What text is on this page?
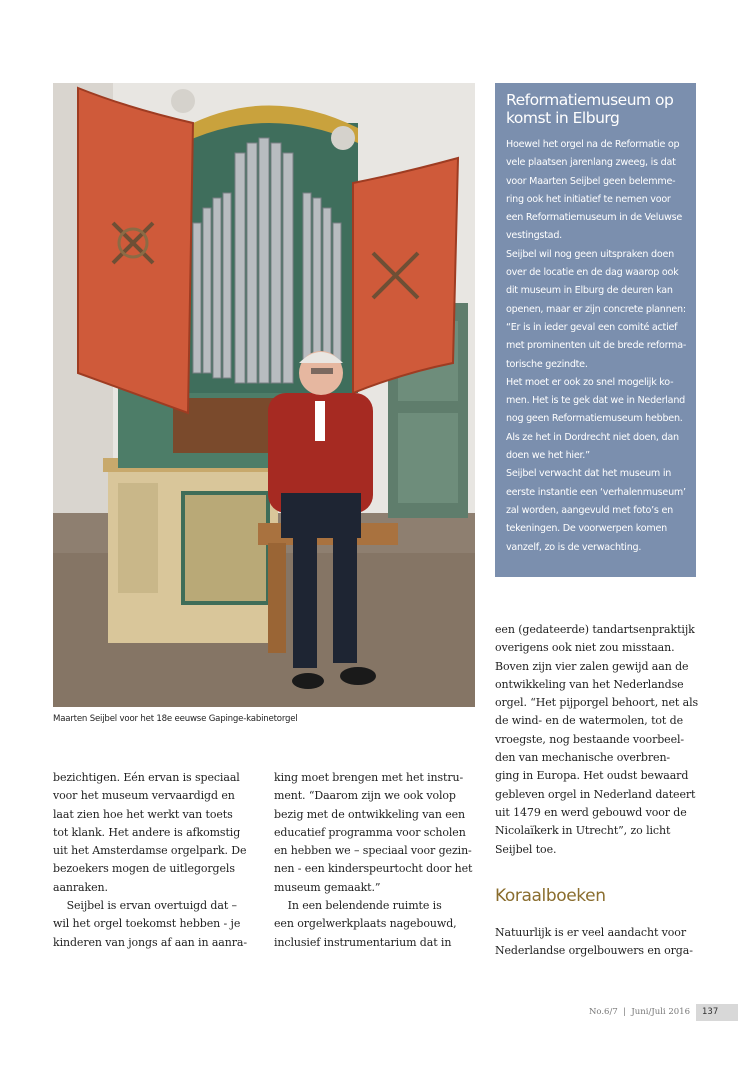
Maarten Seijbel voor het 18e eeuwse Gapinge-kabinetorgel
Reformatiemuseum op
komst in Elburg
Hoewel het orgel na de Reformatie op
vele plaatsen jarenlang zweeg, is dat
voor Maarten Seijbel geen belemme-
ring ook het initiatief te nemen voor
een Reformatiemuseum in de Veluwse
vestingstad.
Seijbel wil nog geen uitspraken doen
over de locatie en de dag waarop ook
dit museum in Elburg de deuren kan
openen, maar er zijn concrete plannen:
“Er is in ieder geval een comité actief
met prominenten uit de brede reforma-
torische gezindte.
Het moet er ook zo snel mogelijk ko-
men. Het is te gek dat we in Nederland
nog geen Reformatiemuseum hebben.
Als ze het in Dordrecht niet doen, dan
doen we het hier.”
Seijbel verwacht dat het museum in
eerste instantie een ‘verhalenmuseum’
zal worden, aangevuld met foto’s en
tekeningen. De voorwerpen komen
vanzelf, zo is de verwachting.
bezichtigen. Eén ervan is speciaal
voor het museum vervaardigd en
laat zien hoe het werkt van toets
tot klank. Het andere is afkomstig
uit het Amsterdamse orgelpark. De
bezoekers mogen de uitlegorgels
aanraken.
Seijbel is ervan overtuigd dat –
wil het orgel toekomst hebben - je
kinderen van jongs af aan in aanra-
king moet brengen met het instru-
ment. “Daarom zijn we ook volop
bezig met de ontwikkeling van een
educatief programma voor scholen
en hebben we – speciaal voor gezin-
nen - een kinderspeurtocht door het
museum gemaakt.”
In een belendende ruimte is
een orgelwerkplaats nagebouwd,
inclusief instrumentarium dat in
een (gedateerde) tandartsenpraktijk
overigens ook niet zou misstaan.
Boven zijn vier zalen gewijd aan de
ontwikkeling van het Nederlandse
orgel. “Het pijporgel behoort, net als
de wind- en de watermolen, tot de
vroegste, nog bestaande voorbeel-
den van mechanische overbren-
ging in Europa. Het oudst bewaard
gebleven orgel in Nederland dateert
uit 1479 en werd gebouwd voor de
Nicolaïkerk in Utrecht”, zo licht
Seijbel toe.
Koraalboeken
Natuurlijk is er veel aandacht voor
Nederlandse orgelbouwers en orga-
No.6/7  |  Juni/Juli 2016	137
